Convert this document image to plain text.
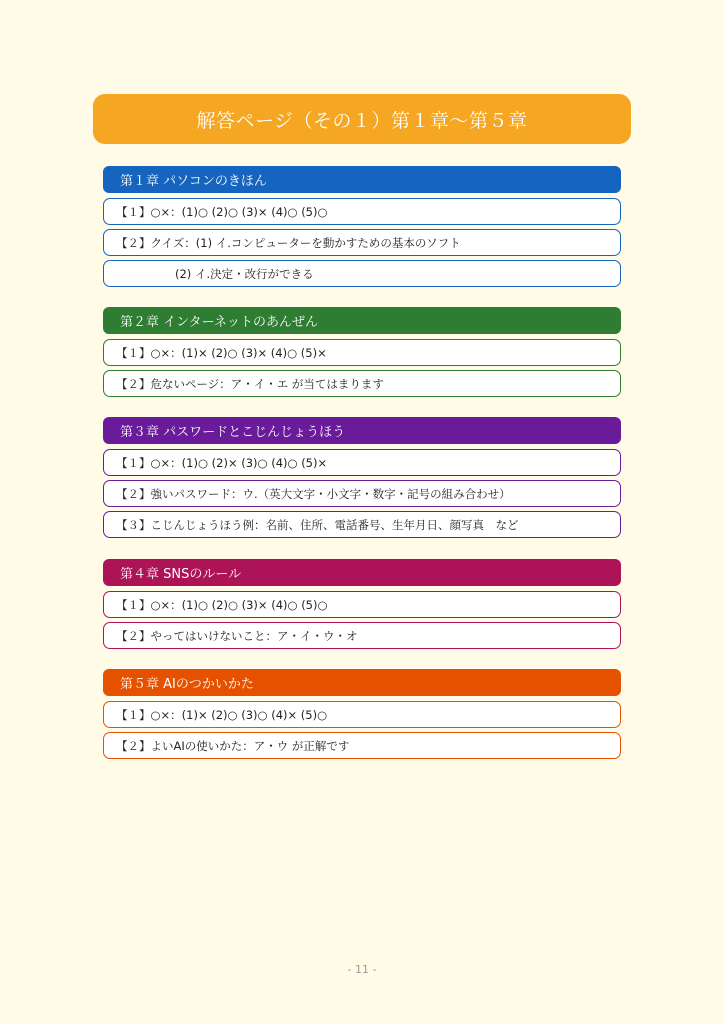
解答ページ（その１）第１章〜第５章
第１章 パソコンのきほん
【１】○×：(1)○ (2)○ (3)× (4)○ (5)○
【２】クイズ：(1) イ.コンピューターを動かすための基本のソフト
(2) イ.決定・改行ができる
第２章 インターネットのあんぜん
【１】○×：(1)× (2)○ (3)× (4)○ (5)×
【２】危ないページ：ア・イ・エ が当てはまります
第３章 パスワードとこじんじょうほう
【１】○×：(1)○ (2)× (3)○ (4)○ (5)×
【２】強いパスワード：ウ.（英大文字・小文字・数字・記号の組み合わせ）
【３】こじんじょうほう例：名前、住所、電話番号、生年月日、顔写真　など
第４章 SNSのルール
【１】○×：(1)○ (2)○ (3)× (4)○ (5)○
【２】やってはいけないこと：ア・イ・ウ・オ
第５章 AIのつかいかた
【１】○×：(1)× (2)○ (3)○ (4)× (5)○
【２】よいAIの使いかた：ア・ウ が正解です
- 11 -
